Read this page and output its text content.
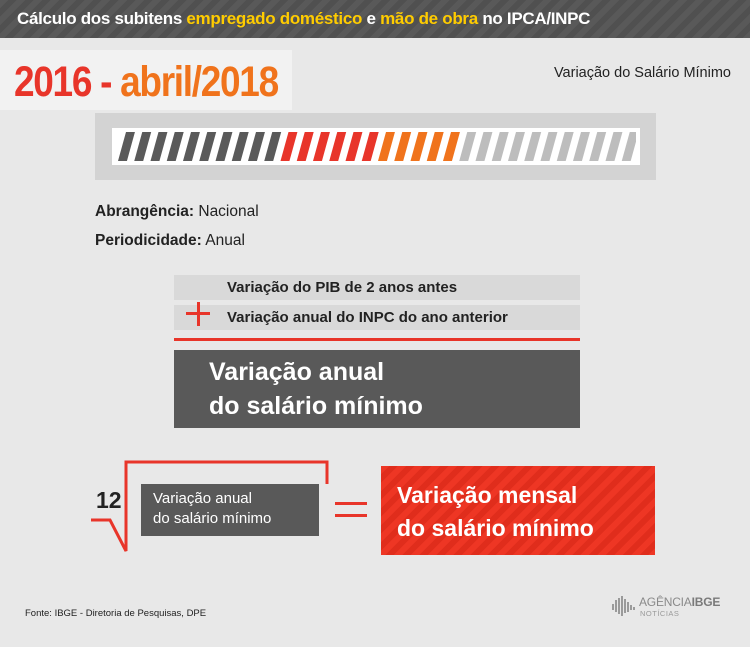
Cálculo dos subitens empregado doméstico e mão de obra no IPCA/INPC
2016 - abril/2018	Variação do Salário Mínimo
Abrangência: Nacional
Periodicidade: Anual
Variação do PIB de 2 anos antes
Variação anual do INPC do ano anterior
Variação anual
do salário mínimo
12 Variação anual
do salário mínimo
Variação mensal
do salário mínimo
Fonte: IBGE - Diretoria de Pesquisas, DPE
AGÊNCIAIBGE
NOTÍCIAS
